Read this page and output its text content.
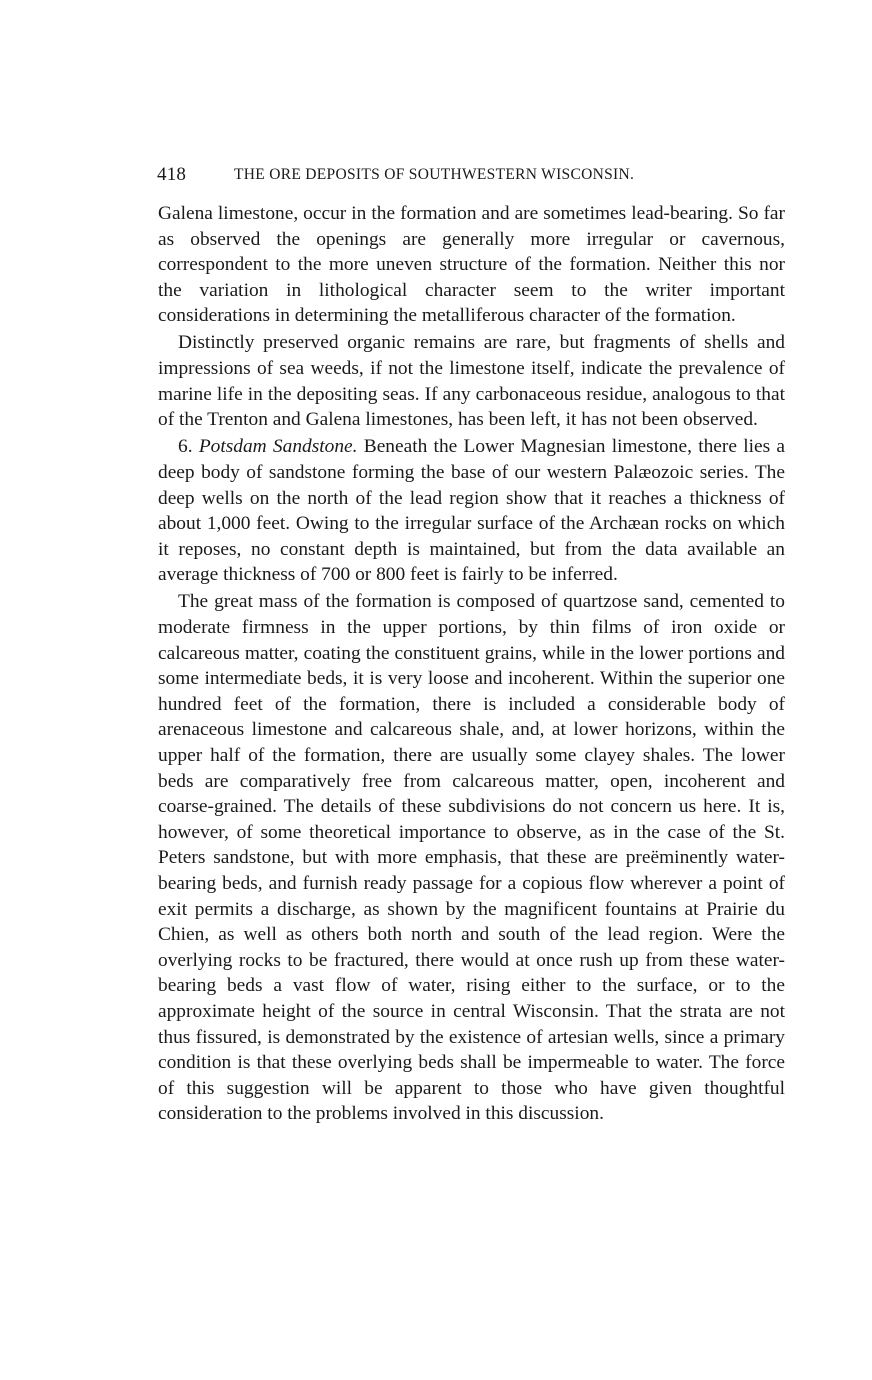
418	THE ORE DEPOSITS OF SOUTHWESTERN WISCONSIN.

Galena limestone, occur in the formation and are sometimes lead-bearing. So far as observed the openings are generally more irregular or cavernous, correspondent to the more uneven structure of the formation. Neither this nor the variation in lithological character seem to the writer important considerations in determining the metalliferous character of the formation.

Distinctly preserved organic remains are rare, but fragments of shells and impressions of sea weeds, if not the limestone itself, indicate the prevalence of marine life in the depositing seas. If any carbonaceous residue, analogous to that of the Trenton and Galena limestones, has been left, it has not been observed.

6. Potsdam Sandstone. Beneath the Lower Magnesian limestone, there lies a deep body of sandstone forming the base of our western Palæozoic series. The deep wells on the north of the lead region show that it reaches a thickness of about 1,000 feet. Owing to the irregular surface of the Archæan rocks on which it reposes, no constant depth is maintained, but from the data available an average thickness of 700 or 800 feet is fairly to be inferred.

The great mass of the formation is composed of quartzose sand, cemented to moderate firmness in the upper portions, by thin films of iron oxide or calcareous matter, coating the constituent grains, while in the lower portions and some intermediate beds, it is very loose and incoherent. Within the superior one hundred feet of the formation, there is included a considerable body of arenaceous limestone and calcareous shale, and, at lower horizons, within the upper half of the formation, there are usually some clayey shales. The lower beds are comparatively free from calcareous matter, open, incoherent and coarse-grained. The details of these subdivisions do not concern us here. It is, however, of some theoretical importance to observe, as in the case of the St. Peters sandstone, but with more emphasis, that these are preëminently water-bearing beds, and furnish ready passage for a copious flow wherever a point of exit permits a discharge, as shown by the magnificent fountains at Prairie du Chien, as well as others both north and south of the lead region. Were the overlying rocks to be fractured, there would at once rush up from these water-bearing beds a vast flow of water, rising either to the surface, or to the approximate height of the source in central Wisconsin. That the strata are not thus fissured, is demonstrated by the existence of artesian wells, since a primary condition is that these overlying beds shall be impermeable to water. The force of this suggestion will be apparent to those who have given thoughtful consideration to the problems involved in this discussion.
